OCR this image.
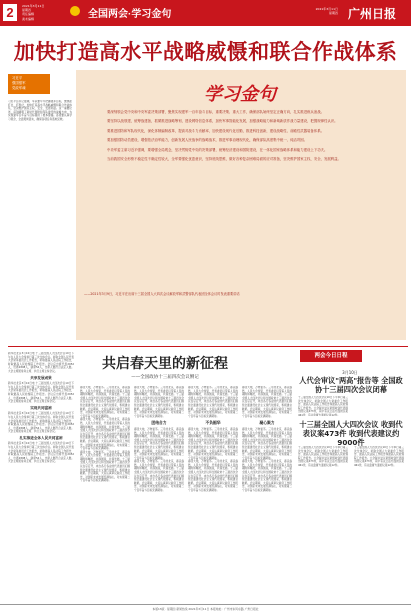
2	2021年3月11日
星期四
责任编辑
美术编辑	全国两会·学习金句	2021年3月11日
星期四 广州日报
加快打造高水平战略威慑和联合作战体系
习近平
强国强军
党政军魂
习近平总书记强调，军队要牢牢把握强军目标，聚焦能打仗、打胜仗，加快打造高水平战略威慑和联合作战体系，坚决维护国家主权、安全、发展利益。这一重要论述，深刻阐明了新时代国防和军队建设的战略方向，为实现建军百年奋斗目标提供了根本遵循。各级要认真学习领会，全面贯彻落实，确保各项任务落地见效。
学习金句

要深刻领会党中央和中央军委决策部署，聚焦实现建军一百年奋斗目标，重要决策、重大工作，确保部队始终坚定正确方向，扎实推进练兵备战。

要坚持以战领建，统筹战建备，抓紧推进战略筹划，建设网络信息体系，加快军事智能化发展，加强战略能力和新域新质作战力量建设，把握规律性认识。

要推进国防和军队现代化，深化体制编制改革，提高对战斗力贡献率，加快建设现代化后勤，推进科技创新，建设战略性、前瞻性武器装备体系。

要加强国防动员建设，增强依法治军能力，创新发展人民战争的战略战术，推进军事治理现代化，确保部队高度集中统一、纯洁巩固。

中央军委主席习近平强调，要增强全局观念，坚决贯彻党中央的决策部署，统筹经济建设和国防建设，在一体化国家战略体系和能力建设上下功夫。

当前我国安全形势不稳定性不确定性较大，全军要强化忧患意识，坚持底线思维，做好各种复杂困难局面的应对准备，坚决维护国家主权、安全、发展利益。

——2021年3月9日，习近平在出席十三届全国人大四次会议解放军和武警部队代表团全体会议时发表重要讲话
新华社北京3月10日电 十三届全国人大四次会议10日下午在人民大会堂举行第三次全体会议。听取全国人民代表大会常务委员会工作报告，听取最高人民法院工作报告，听取最高人民检察院工作报告。会议应出席代表2952人，出席2898人，缺席54人，出席人数符合法定人数。大会主席团常务主席、执行主席主持会议。
共享发展成果
新华社北京3月10日电 十三届全国人大四次会议10日下午在人民大会堂举行第三次全体会议。听取全国人民代表大会常务委员会工作报告，听取最高人民法院工作报告，听取最高人民检察院工作报告。会议应出席代表2952人，出席2898人，缺席54人，出席人数符合法定人数。大会主席团常务主席、执行主席主持会议。
实现共同富裕
新华社北京3月10日电 十三届全国人大四次会议10日下午在人民大会堂举行第三次全体会议。听取全国人民代表大会常务委员会工作报告，听取最高人民法院工作报告，听取最高人民检察院工作报告。会议应出席代表2952人，出席2898人，缺席54人，出席人数符合法定人数。大会主席团常务主席、执行主席主持会议。
扎实推进全体人民共同富裕
新华社北京3月10日电 十三届全国人大四次会议10日下午在人民大会堂举行第三次全体会议。听取全国人民代表大会常务委员会工作报告，听取最高人民法院工作报告，听取最高人民检察院工作报告。会议应出席代表2952人，出席2898人，缺席54人，出席人数符合法定人数。大会主席团常务主席、执行主席主持会议。
共启春天里的新征程
——全国政协十三届四次会议侧记
春回大地，万物复苏。三月的北京，春意盎然，人民大会堂里，代表委员们带着人民的期盼和嘱托，共商国是，共谋发展。十三届全国人大四次会议和全国政协十三届四次会议在京召开，来自各行各业的代表委员们围绕全面建设社会主义现代化国家，积极建言献策。会议期间，大家认真审议政府工作报告，对国家未来发展充满信心，对实现第二个百年奋斗目标充满期待。
春回大地，万物复苏。三月的北京，春意盎然，人民大会堂里，代表委员们带着人民的期盼和嘱托，共商国是，共谋发展。十三届全国人大四次会议和全国政协十三届四次会议在京召开，来自各行各业的代表委员们围绕全面建设社会主义现代化国家，积极建言献策。会议期间，大家认真审议政府工作报告，对国家未来发展充满信心，对实现第二个百年奋斗目标充满期待。
春回大地，万物复苏。三月的北京，春意盎然，人民大会堂里，代表委员们带着人民的期盼和嘱托，共商国是，共谋发展。十三届全国人大四次会议和全国政协十三届四次会议在京召开，来自各行各业的代表委员们围绕全面建设社会主义现代化国家，积极建言献策。会议期间，大家认真审议政府工作报告，对国家未来发展充满信心，对实现第二个百年奋斗目标充满期待。
春回大地，万物复苏。三月的北京，春意盎然，人民大会堂里，代表委员们带着人民的期盼和嘱托，共商国是，共谋发展。十三届全国人大四次会议和全国政协十三届四次会议在京召开，来自各行各业的代表委员们围绕全面建设社会主义现代化国家，积极建言献策。会议期间，大家认真审议政府工作报告，对国家未来发展充满信心，对实现第二个百年奋斗目标充满期待。
团结合力
春回大地，万物复苏。三月的北京，春意盎然，人民大会堂里，代表委员们带着人民的期盼和嘱托，共商国是，共谋发展。十三届全国人大四次会议和全国政协十三届四次会议在京召开，来自各行各业的代表委员们围绕全面建设社会主义现代化国家，积极建言献策。会议期间，大家认真审议政府工作报告，对国家未来发展充满信心，对实现第二个百年奋斗目标充满期待。
春回大地，万物复苏。三月的北京，春意盎然，人民大会堂里，代表委员们带着人民的期盼和嘱托，共商国是，共谋发展。十三届全国人大四次会议和全国政协十三届四次会议在京召开，来自各行各业的代表委员们围绕全面建设社会主义现代化国家，积极建言献策。会议期间，大家认真审议政府工作报告，对国家未来发展充满信心，对实现第二个百年奋斗目标充满期待。
春回大地，万物复苏。三月的北京，春意盎然，人民大会堂里，代表委员们带着人民的期盼和嘱托，共商国是，共谋发展。十三届全国人大四次会议和全国政协十三届四次会议在京召开，来自各行各业的代表委员们围绕全面建设社会主义现代化国家，积极建言献策。会议期间，大家认真审议政府工作报告，对国家未来发展充满信心，对实现第二个百年奋斗目标充满期待。
不负韶华
春回大地，万物复苏。三月的北京，春意盎然，人民大会堂里，代表委员们带着人民的期盼和嘱托，共商国是，共谋发展。十三届全国人大四次会议和全国政协十三届四次会议在京召开，来自各行各业的代表委员们围绕全面建设社会主义现代化国家，积极建言献策。会议期间，大家认真审议政府工作报告，对国家未来发展充满信心，对实现第二个百年奋斗目标充满期待。
春回大地，万物复苏。三月的北京，春意盎然，人民大会堂里，代表委员们带着人民的期盼和嘱托，共商国是，共谋发展。十三届全国人大四次会议和全国政协十三届四次会议在京召开，来自各行各业的代表委员们围绕全面建设社会主义现代化国家，积极建言献策。会议期间，大家认真审议政府工作报告，对国家未来发展充满信心，对实现第二个百年奋斗目标充满期待。
春回大地，万物复苏。三月的北京，春意盎然，人民大会堂里，代表委员们带着人民的期盼和嘱托，共商国是，共谋发展。十三届全国人大四次会议和全国政协十三届四次会议在京召开，来自各行各业的代表委员们围绕全面建设社会主义现代化国家，积极建言献策。会议期间，大家认真审议政府工作报告，对国家未来发展充满信心，对实现第二个百年奋斗目标充满期待。
凝心聚力
春回大地，万物复苏。三月的北京，春意盎然，人民大会堂里，代表委员们带着人民的期盼和嘱托，共商国是，共谋发展。十三届全国人大四次会议和全国政协十三届四次会议在京召开，来自各行各业的代表委员们围绕全面建设社会主义现代化国家，积极建言献策。会议期间，大家认真审议政府工作报告，对国家未来发展充满信心，对实现第二个百年奋斗目标充满期待。
春回大地，万物复苏。三月的北京，春意盎然，人民大会堂里，代表委员们带着人民的期盼和嘱托，共商国是，共谋发展。十三届全国人大四次会议和全国政协十三届四次会议在京召开，来自各行各业的代表委员们围绕全面建设社会主义现代化国家，积极建言献策。会议期间，大家认真审议政府工作报告，对国家未来发展充满信心，对实现第二个百年奋斗目标充满期待。
两会今日日程
3月10日
人代会审议"两高"报告等 全国政协十三届四次会议闭幕
十三届全国人大四次会议 收到代表议案473件 收到代表建议约9000件
十三届全国人大四次会议10日下午举行第三次全体会议，听取全国人大常委会工作报告、最高人民法院工作报告和最高人民检察院工作报告。大会秘书处议案组收到代表提出的议案473件，其中有关立法方面的议案461件，有关监督方面的议案12件。
十三届全国人大四次会议10日下午举行第三次全体会议，听取全国人大常委会工作报告、最高人民法院工作报告和最高人民检察院工作报告。大会秘书处议案组收到代表提出的议案473件，其中有关立法方面的议案461件，有关监督方面的议案12件。
十三届全国人大四次会议10日下午举行第三次全体会议，听取全国人大常委会工作报告、最高人民法院工作报告和最高人民检察院工作报告。大会秘书处议案组收到代表提出的议案473件，其中有关立法方面的议案461件，有关监督方面的议案12件。
本版13版 · 星期四 新闻热线 2021年3月11日 本报地址：广州市东风东路 广州日报社
